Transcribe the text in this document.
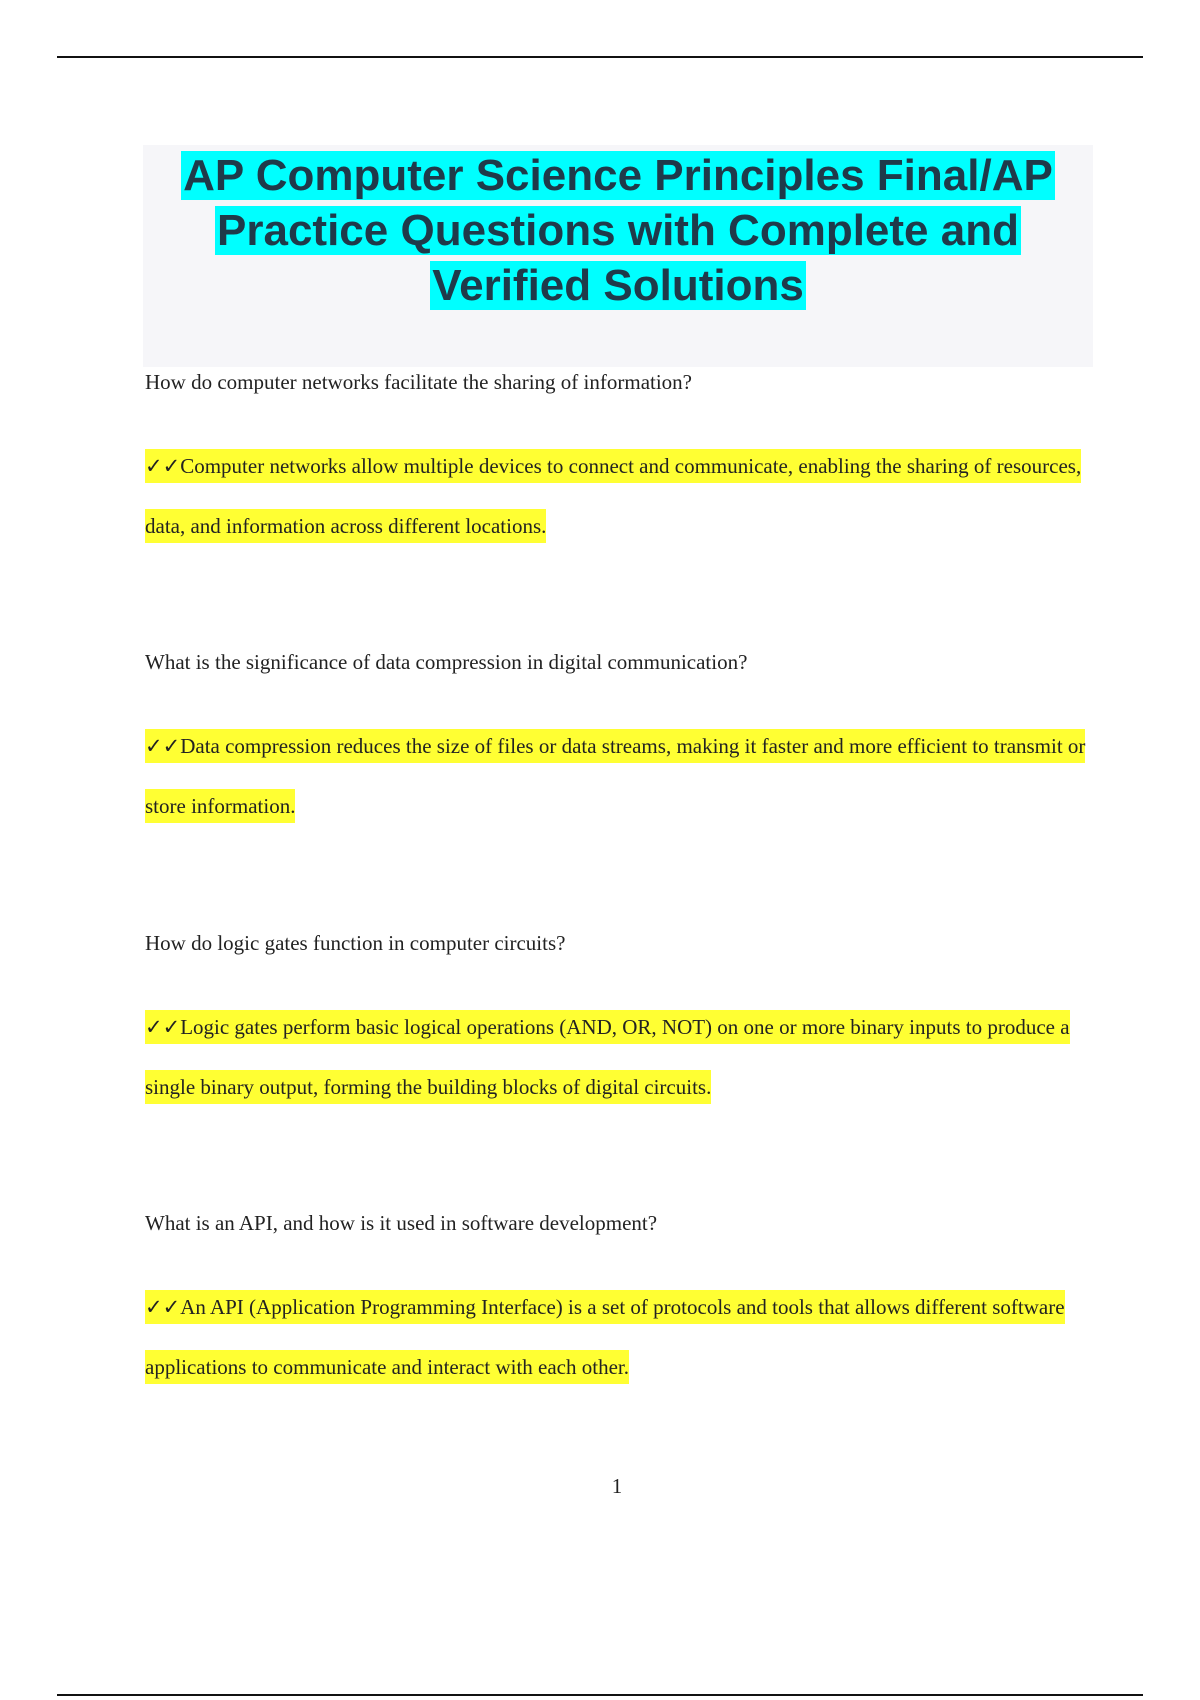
AP Computer Science Principles Final/AP Practice Questions with Complete and Verified Solutions

How do computer networks facilitate the sharing of information?

✓✓Computer networks allow multiple devices to connect and communicate, enabling the sharing of resources, data, and information across different locations.

What is the significance of data compression in digital communication?

✓✓Data compression reduces the size of files or data streams, making it faster and more efficient to transmit or store information.

How do logic gates function in computer circuits?

✓✓Logic gates perform basic logical operations (AND, OR, NOT) on one or more binary inputs to produce a single binary output, forming the building blocks of digital circuits.

What is an API, and how is it used in software development?

✓✓An API (Application Programming Interface) is a set of protocols and tools that allows different software applications to communicate and interact with each other.

1
